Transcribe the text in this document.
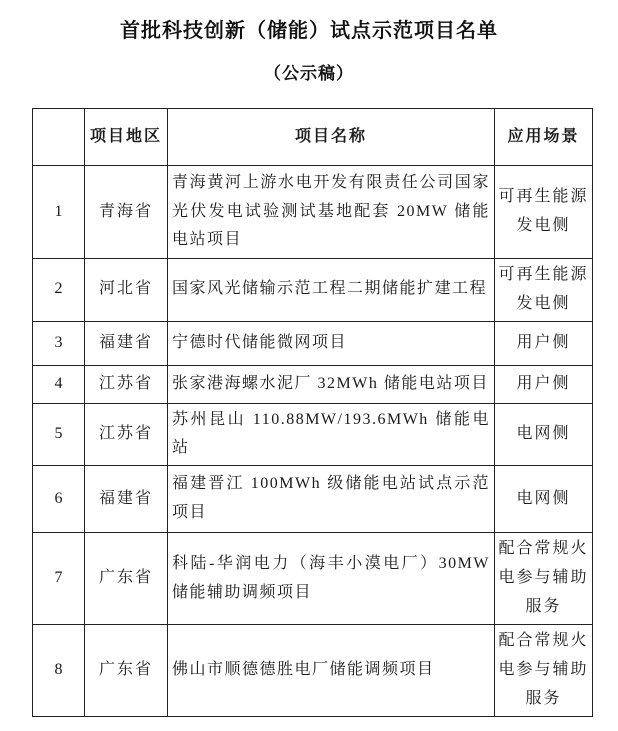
首批科技创新（储能）试点示范项目名单
（公示稿）
	项目地区	项目名称	应用场景
1	青海省	青海黄河上游水电开发有限责任公司国家光伏发电试验测试基地配套 20MW 储能电站项目	可再生能源发电侧
2	河北省	国家风光储输示范工程二期储能扩建工程	可再生能源发电侧
3	福建省	宁德时代储能微网项目	用户侧
4	江苏省	张家港海螺水泥厂 32MWh 储能电站项目	用户侧
5	江苏省	苏州昆山 110.88MW/193.6MWh 储能电站	电网侧
6	福建省	福建晋江 100MWh 级储能电站试点示范项目	电网侧
7	广东省	科陆-华润电力（海丰小漠电厂）30MW 储能辅助调频项目	配合常规火电参与辅助服务
8	广东省	佛山市顺德德胜电厂储能调频项目	配合常规火电参与辅助服务
